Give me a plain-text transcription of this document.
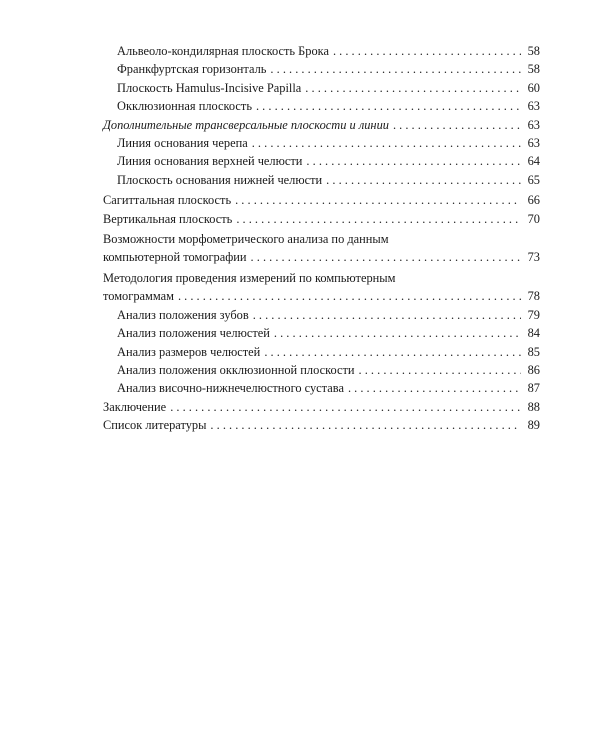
Альвеоло-кондилярная плоскость Брока . . .	58
Франкфуртская горизонталь . . .	58
Плоскость Hamulus-Incisive Papilla . . .	60
Окклюзионная плоскость . . .	63
Дополнительные трансверсальные плоскости и линии . . .	63
Линия основания черепа . . .	63
Линия основания верхней челюсти . . .	64
Плоскость основания нижней челюсти . . .	65
Сагиттальная плоскость . . .	66
Вертикальная плоскость . . .	70
Возможности морфометрического анализа по данным
компьютерной томографии . . .	73
Методология проведения измерений по компьютерным
томограммам . . .	78
Анализ положения зубов . . .	79
Анализ положения челюстей . . .	84
Анализ размеров челюстей . . .	85
Анализ положения окклюзионной плоскости . . .	86
Анализ височно-нижнечелюстного сустава . . .	87
Заключение . . .	88
Список литературы . . .	89
